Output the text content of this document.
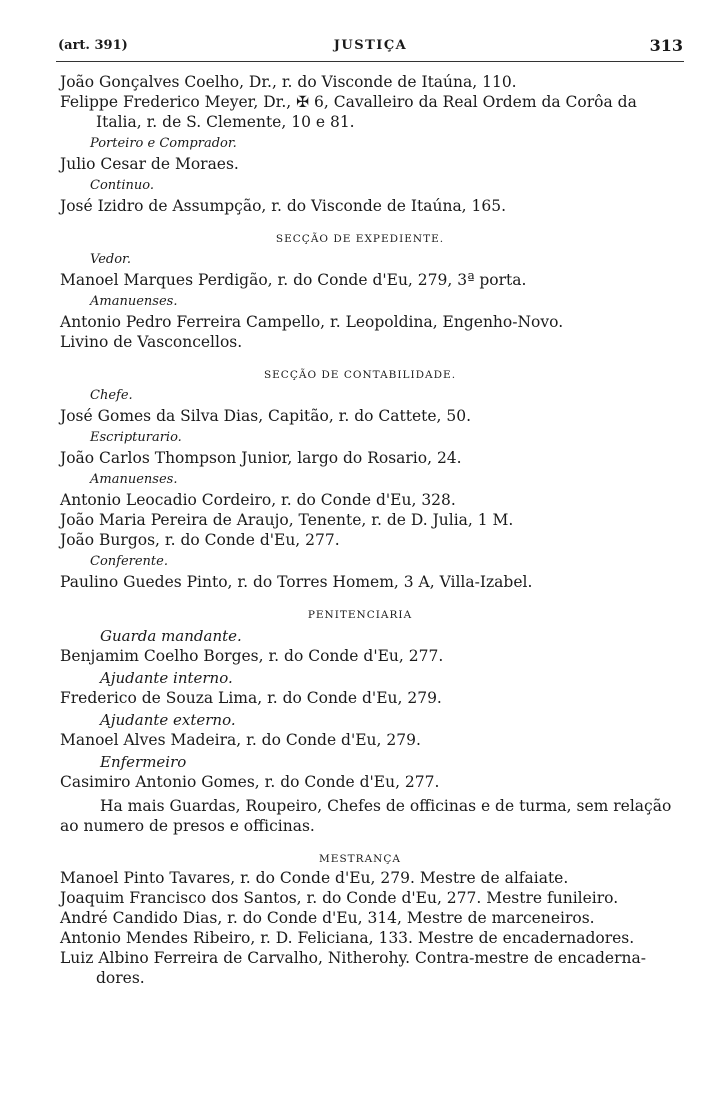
(art. 391)	JUSTIÇA	313
João Gonçalves Coelho, Dr., r. do Visconde de Itaúna, 110.
Felippe Frederico Meyer, Dr., ✠ 6, Cavalleiro da Real Ordem da Corôa da
Italia, r. de S. Clemente, 10 e 81.
Porteiro e Comprador.
Julio Cesar de Moraes.
Continuo.
José Izidro de Assumpção, r. do Visconde de Itaúna, 165.
SECÇÃO DE EXPEDIENTE.
Vedor.
Manoel Marques Perdigão, r. do Conde d'Eu, 279, 3ª porta.
Amanuenses.
Antonio Pedro Ferreira Campello, r. Leopoldina, Engenho-Novo.
Livino de Vasconcellos.
SECÇÃO DE CONTABILIDADE.
Chefe.
José Gomes da Silva Dias, Capitão, r. do Cattete, 50.
Escripturario.
João Carlos Thompson Junior, largo do Rosario, 24.
Amanuenses.
Antonio Leocadio Cordeiro, r. do Conde d'Eu, 328.
João Maria Pereira de Araujo, Tenente, r. de D. Julia, 1 M.
João Burgos, r. do Conde d'Eu, 277.
Conferente.
Paulino Guedes Pinto, r. do Torres Homem, 3 A, Villa-Izabel.
PENITENCIARIA
Guarda mandante.
Benjamim Coelho Borges, r. do Conde d'Eu, 277.
Ajudante interno.
Frederico de Souza Lima, r. do Conde d'Eu, 279.
Ajudante externo.
Manoel Alves Madeira, r. do Conde d'Eu, 279.
Enfermeiro
Casimiro Antonio Gomes, r. do Conde d'Eu, 277.
Ha mais Guardas, Roupeiro, Chefes de officinas e de turma, sem relação
ao numero de presos e officinas.
MESTRANÇA
Manoel Pinto Tavares, r. do Conde d'Eu, 279. Mestre de alfaiate.
Joaquim Francisco dos Santos, r. do Conde d'Eu, 277. Mestre funileiro.
André Candido Dias, r. do Conde d'Eu, 314, Mestre de marceneiros.
Antonio Mendes Ribeiro, r. D. Feliciana, 133. Mestre de encadernadores.
Luiz Albino Ferreira de Carvalho, Nitherohy. Contra-mestre de encaderna-
dores.
